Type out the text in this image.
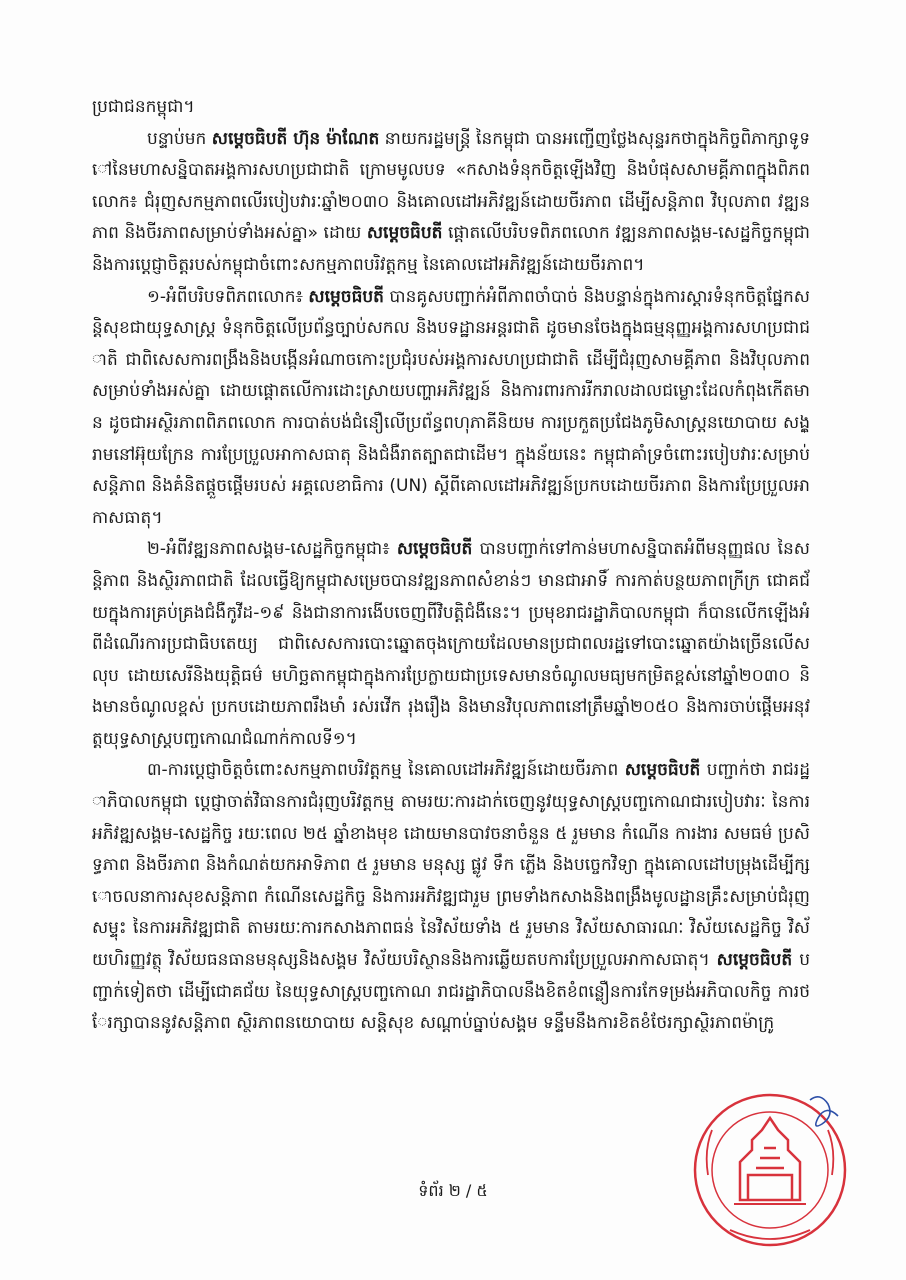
ប្រជាជនកម្ពុជា។

បន្ទាប់មក សម្តេចធិបតី ហ៊ុន ម៉ាណែត នាយករដ្ឋមន្ត្រី នៃកម្ពុជា បានអញ្ជើញថ្លែងសុន្ទរកថាក្នុងកិច្ចពិភាក្សាទូទៅនៃមហាសន្និបាតអង្គការសហប្រជាជាតិ ក្រោមមូលបទ «កសាងទំនុកចិត្តឡើងវិញ និងបំផុសសាមគ្គីភាពក្នុងពិភពលោក៖ ជំរុញសកម្មភាពលើរបៀបវារៈឆ្នាំ២០៣០ និងគោលដៅអភិវឌ្ឍន៍ដោយចីរភាព ដើម្បីសន្តិភាព វិបុលភាព វឌ្ឍនភាព និងចីរភាពសម្រាប់ទាំងអស់គ្នា» ដោយ សម្តេចធិបតី ផ្តោតលើបរិបទពិភពលោក វឌ្ឍនភាពសង្គម-សេដ្ឋកិច្ចកម្ពុជា និងការប្តេជ្ញាចិត្តរបស់កម្ពុជាចំពោះសកម្មភាពបរិវត្តកម្ម នៃគោលដៅអភិវឌ្ឍន៍ដោយចីរភាព។

១-អំពីបរិបទពិភពលោក៖ សម្តេចធិបតី បានគូសបញ្ជាក់អំពីភាពចាំបាច់ និងបន្ទាន់ក្នុងការស្តារទំនុកចិត្តផ្នែកសន្តិសុខជាយុទ្ធសាស្ត្រ ទំនុកចិត្តលើប្រព័ន្ធច្បាប់សកល និងបទដ្ឋានអន្តរជាតិ ដូចមានចែងក្នុងធម្មនុញ្ញអង្គការសហប្រជាជាតិ ជាពិសេសការពង្រឹងនិងបង្កើនអំណាចកោះប្រជុំរបស់អង្គការសហប្រជាជាតិ ដើម្បីជំរុញសាមគ្គីភាព និងវិបុលភាពសម្រាប់ទាំងអស់គ្នា ដោយផ្តោតលើការដោះស្រាយបញ្ហាអភិវឌ្ឍន៍ និងការពារការរីករាលដាលជម្លោះដែលកំពុងកើតមាន ដូចជាអស្ថិរភាពពិភពលោក ការបាត់បង់ជំនឿលើប្រព័ន្ធពហុភាគីនិយម ការប្រកួតប្រជែងភូមិសាស្ត្រនយោបាយ សង្គ្រាមនៅអ៊ុយក្រែន ការប្រែប្រួលអាកាសធាតុ និងជំងឺរាតត្បាតជាដើម។ ក្នុងន័យនេះ កម្ពុជាគាំទ្រចំពោះរបៀបវារៈសម្រាប់សន្តិភាព និងគំនិតផ្តួចផ្តើមរបស់ អគ្គលេខាធិការ (UN) ស្តីពីគោលដៅអភិវឌ្ឍន៍ប្រកបដោយចីរភាព និងការប្រែប្រួលអាកាសធាតុ។

២-អំពីវឌ្ឍនភាពសង្គម-សេដ្ឋកិច្ចកម្ពុជា៖ សម្តេចធិបតី បានបញ្ជាក់ទៅកាន់មហាសន្និបាតអំពីមនុញ្ញផល នៃសន្តិភាព និងស្ថិរភាពជាតិ ដែលធ្វើឱ្យកម្ពុជាសម្រេចបានវឌ្ឍនភាពសំខាន់ៗ មានជាអាទិ៍ ការកាត់បន្ថយភាពក្រីក្រ ជោគជ័យក្នុងការគ្រប់គ្រងជំងឺកូវីដ-១៩ និងជានាការងើបចេញពីវិបត្តិជំងឺនេះ។ ប្រមុខរាជរដ្ឋាភិបាលកម្ពុជា ក៏បានលើកឡើងអំពីដំណើរការប្រជាធិបតេយ្យ ជាពិសេសការបោះឆ្នោតចុងក្រោយដែលមានប្រជាពលរដ្ឋទៅបោះឆ្នោតយ៉ាងច្រើនលើសលុប ដោយសេរីនិងយុត្តិធម៌ មហិច្ឆតាកម្ពុជាក្នុងការប្រែក្លាយជាប្រទេសមានចំណូលមធ្យមកម្រិតខ្ពស់នៅឆ្នាំ២០៣០ និងមានចំណូលខ្ពស់ ប្រកបដោយភាពរឹងមាំ រស់រវើក រុងរឿង និងមានវិបុលភាពនៅត្រឹមឆ្នាំ២០៥០ និងការចាប់ផ្តើមអនុវត្តយុទ្ធសាស្ត្របញ្ចកោណជំណាក់កាលទី១។

៣-ការប្តេជ្ញាចិត្តចំពោះសកម្មភាពបរិវត្តកម្ម នៃគោលដៅអភិវឌ្ឍន៍ដោយចីរភាព សម្តេចធិបតី បញ្ជាក់ថា រាជរដ្ឋាភិបាលកម្ពុជា ប្តេជ្ញាចាត់វិធានការជំរុញបរិវត្តកម្ម តាមរយៈការដាក់ចេញនូវយុទ្ធសាស្ត្របញ្ចកោណជារបៀបវារៈ នៃការអភិវឌ្ឍសង្គម-សេដ្ឋកិច្ច រយៈពេល ២៥ ឆ្នាំខាងមុខ ដោយមានបាវចនាចំនួន ៥ រួមមាន កំណើន ការងារ សមធម៌ ប្រសិទ្ធភាព និងចីរភាព និងកំណត់យកអាទិភាព ៥ រួមមាន មនុស្ស ផ្លូវ ទឹក ភ្លើង និងបច្ចេកវិទ្យា ក្នុងគោលដៅបម្រុងដើម្បីក្សោចលនាការសុខសន្តិភាព កំណើនសេដ្ឋកិច្ច និងការអភិវឌ្ឍជារួម ព្រមទាំងកសាងនិងពង្រឹងមូលដ្ឋានគ្រឹះសម្រាប់ជំរុញសម្ទុះ នៃការអភិវឌ្ឍជាតិ តាមរយៈការកសាងភាពធន់ នៃវិស័យទាំង ៥ រួមមាន វិស័យសាធារណៈ វិស័យសេដ្ឋកិច្ច វិស័យហិរញ្ញវត្ថុ វិស័យធនធានមនុស្សនិងសង្គម វិស័យបរិស្ថាននិងការឆ្លើយតបការប្រែប្រួលអាកាសធាតុ។ សម្តេចធិបតី បញ្ជាក់ទៀតថា ដើម្បីជោគជ័យ នៃយុទ្ធសាស្ត្របញ្ចកោណ រាជរដ្ឋាភិបាលនឹងខិតខំពន្លឿនការកែទម្រង់អភិបាលកិច្ច ការថែរក្សាបាននូវសន្តិភាព ស្ថិរភាពនយោបាយ សន្តិសុខ សណ្តាប់ធ្នាប់សង្គម ទន្ទឹមនឹងការខិតខំថែរក្សាស្ថិរភាពម៉ាក្រូ

ទំព័រ ២ / ៥
